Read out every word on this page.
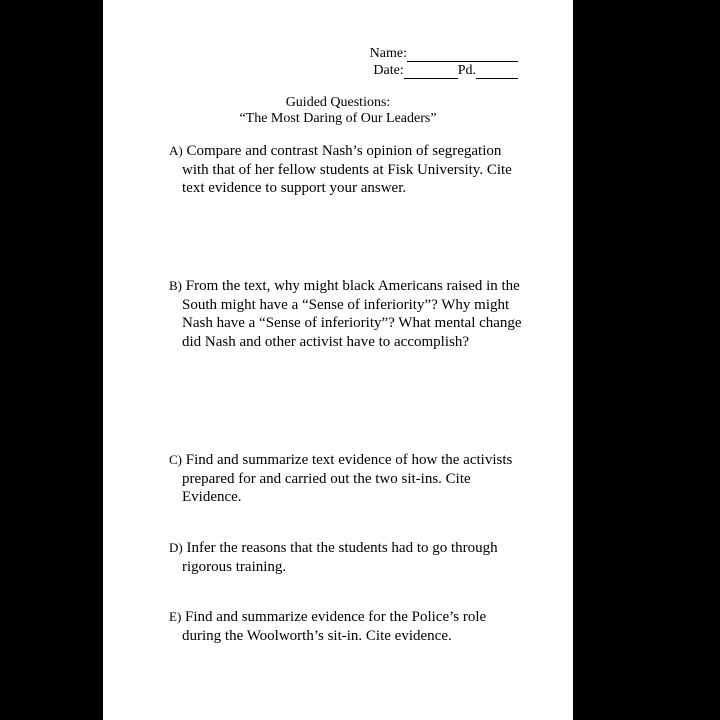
Name:
Date:	Pd.
Guided Questions:
“The Most Daring of Our Leaders”
A) Compare and contrast Nash’s opinion of segregation with that of her fellow students at Fisk University. Cite text evidence to support your answer.
B) From the text, why might black Americans raised in the South might have a “Sense of inferiority”? Why might Nash have a “Sense of inferiority”? What mental change did Nash and other activist have to accomplish?
C) Find and summarize text evidence of how the activists prepared for and carried out the two sit-ins. Cite Evidence.
D) Infer the reasons that the students had to go through rigorous training.
E) Find and summarize evidence for the Police’s role during the Woolworth’s sit-in. Cite evidence.
